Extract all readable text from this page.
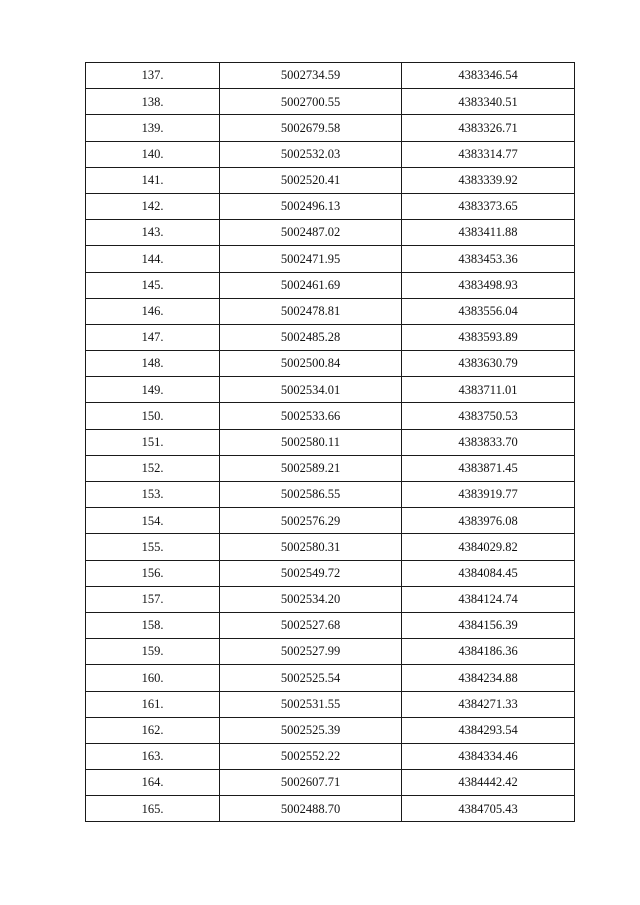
137.	5002734.59	4383346.54
138.	5002700.55	4383340.51
139.	5002679.58	4383326.71
140.	5002532.03	4383314.77
141.	5002520.41	4383339.92
142.	5002496.13	4383373.65
143.	5002487.02	4383411.88
144.	5002471.95	4383453.36
145.	5002461.69	4383498.93
146.	5002478.81	4383556.04
147.	5002485.28	4383593.89
148.	5002500.84	4383630.79
149.	5002534.01	4383711.01
150.	5002533.66	4383750.53
151.	5002580.11	4383833.70
152.	5002589.21	4383871.45
153.	5002586.55	4383919.77
154.	5002576.29	4383976.08
155.	5002580.31	4384029.82
156.	5002549.72	4384084.45
157.	5002534.20	4384124.74
158.	5002527.68	4384156.39
159.	5002527.99	4384186.36
160.	5002525.54	4384234.88
161.	5002531.55	4384271.33
162.	5002525.39	4384293.54
163.	5002552.22	4384334.46
164.	5002607.71	4384442.42
165.	5002488.70	4384705.43
